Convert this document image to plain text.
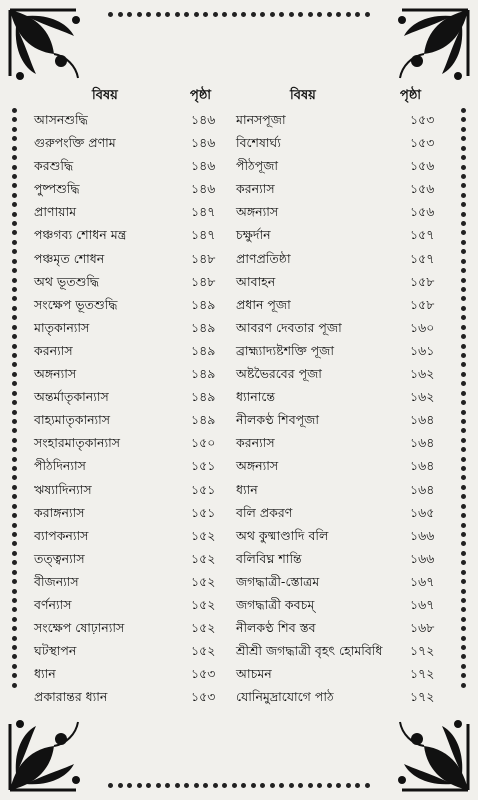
বিষয়	পৃষ্ঠা	বিষয়	পৃষ্ঠা
আসনশুদ্ধি	১৪৬ মানসপূজা	১৫৩
গুরুপংক্তি প্রণাম	১৪৬ বিশেষার্ঘ্য	১৫৩
করশুদ্ধি	১৪৬ পীঠপূজা	১৫৬
পুষ্পশুদ্ধি	১৪৬ করন্যাস	১৫৬
প্রাণায়াম	১৪৭ অঙ্গন্যাস	১৫৬
পঞ্চগব্য শোধন মন্ত্র	১৪৭ চক্ষুর্দান	১৫৭
পঞ্চমৃত শোধন	১৪৮ প্রাণপ্রতিষ্ঠা	১৫৭
অথ ভূতশুদ্ধি	১৪৮ আবাহন	১৫৮
সংক্ষেপ ভূতশুদ্ধি	১৪৯ প্রধান পূজা	১৫৮
মাতৃকান্যাস	১৪৯ আবরণ দেবতার পূজা	১৬০
করন্যাস	১৪৯ ব্রাহ্ম্যাদ্যষ্টশক্তি পূজা	১৬১
অঙ্গন্যাস	১৪৯ অষ্টভৈরবের পূজা	১৬২
অন্তর্মাতৃকান্যাস	১৪৯ ধ্যানান্তে	১৬২
বাহ্যমাতৃকান্যাস	১৪৯ নীলকণ্ঠ শিবপূজা	১৬৪
সংহারমাতৃকান্যাস	১৫০ করন্যাস	১৬৪
পীঠদিন্যাস	১৫১ অঙ্গন্যাস	১৬৪
ঋষ্যাদিন্যাস	১৫১ ধ্যান	১৬৪
করাঙ্গন্যাস	১৫১ বলি প্রকরণ	১৬৫
ব্যাপকন্যাস	১৫২ অথ কুষ্মাণ্ডাদি বলি	১৬৬
তত্ত্বন্যাস	১৫২ বলিবিঘ্ন শান্তি	১৬৬
বীজন্যাস	১৫২ জগদ্ধাত্রী-স্তোত্রম	১৬৭
বর্ণন্যাস	১৫২ জগদ্ধাত্রী কবচম্	১৬৭
সংক্ষেপ ষোঢ়ান্যাস	১৫২ নীলকণ্ঠ শিব স্তব	১৬৮
ঘটস্থাপন	১৫২ শ্রীশ্রী জগদ্ধাত্রী বৃহৎ হোমবিধি ১৭২
ধ্যান	১৫৩ আচমন	১৭২
প্রকারান্তর ধ্যান	১৫৩ যোনিমুদ্রাযোগে পাঠ	১৭২
